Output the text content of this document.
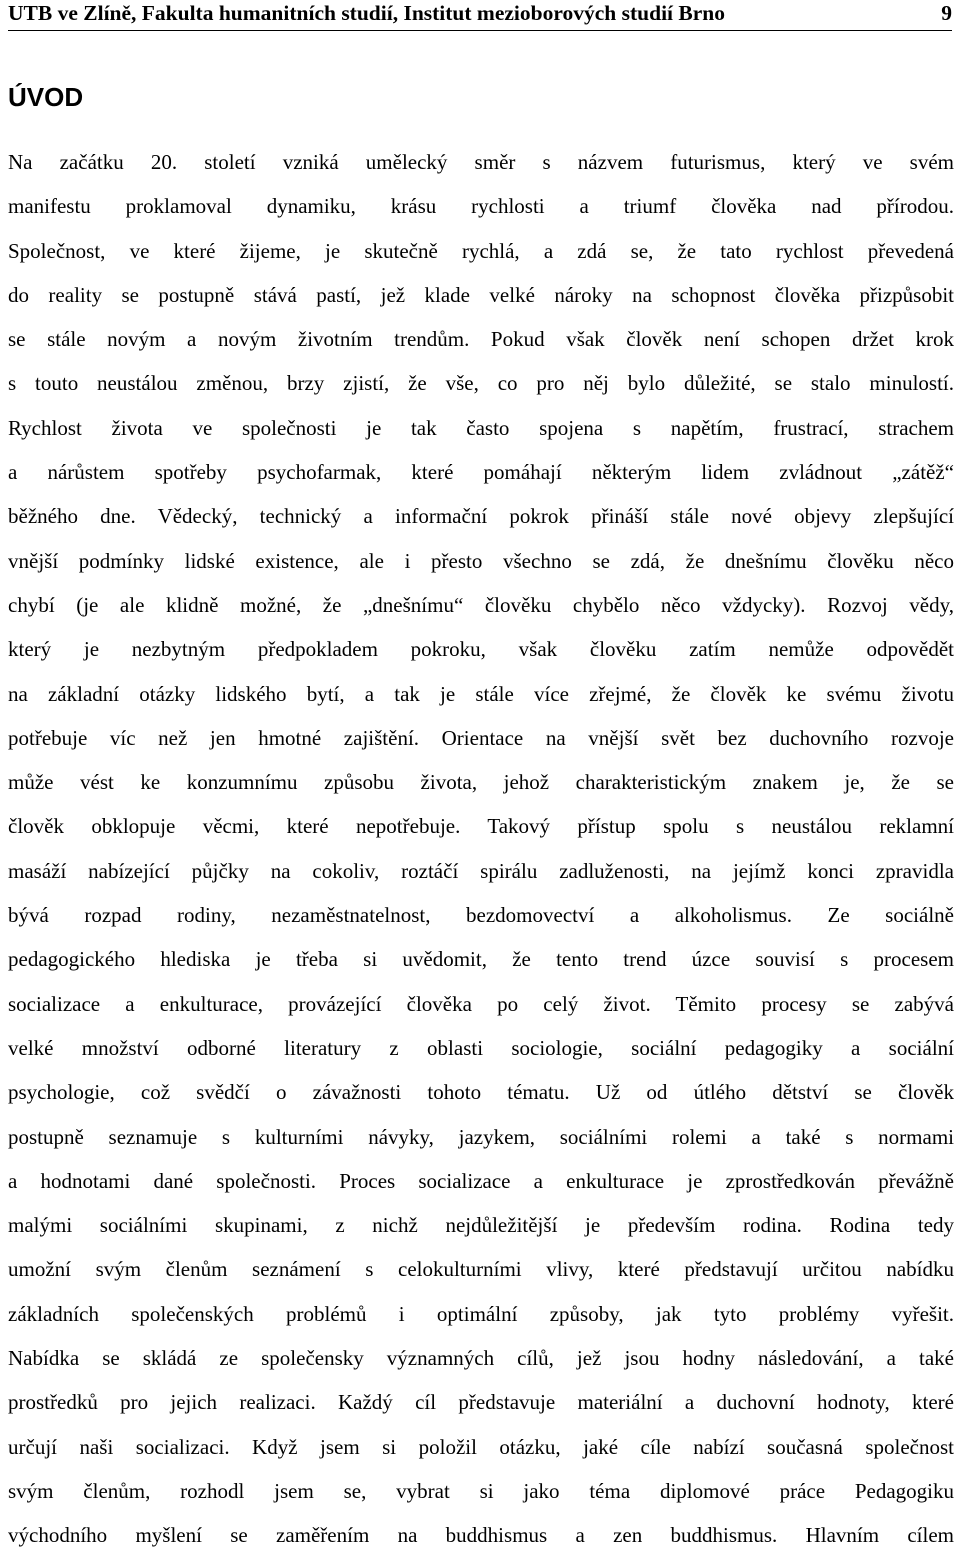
UTB ve Zlíně, Fakulta humanitních studií, Institut mezioborových studií Brno	9
ÚVOD

Na začátku 20. století vzniká umělecký směr s názvem futurismus, který ve svém
manifestu proklamoval dynamiku, krásu rychlosti a triumf člověka nad přírodou.
Společnost, ve které žijeme, je skutečně rychlá, a zdá se, že tato rychlost převedená
do reality se postupně stává pastí, jež klade velké nároky na schopnost člověka přizpůsobit
se stále novým a novým životním trendům. Pokud však člověk není schopen držet krok
s touto neustálou změnou, brzy zjistí, že vše, co pro něj bylo důležité, se stalo minulostí.
Rychlost života ve společnosti je tak často spojena s napětím, frustrací, strachem
a nárůstem spotřeby psychofarmak, které pomáhají některým lidem zvládnout „zátěž“
běžného dne. Vědecký, technický a informační pokrok přináší stále nové objevy zlepšující
vnější podmínky lidské existence, ale i přesto všechno se zdá, že dnešnímu člověku něco
chybí (je ale klidně možné, že „dnešnímu“ člověku chybělo něco vždycky). Rozvoj vědy,
který je nezbytným předpokladem pokroku, však člověku zatím nemůže odpovědět
na základní otázky lidského bytí, a tak je stále více zřejmé, že člověk ke svému životu
potřebuje víc než jen hmotné zajištění. Orientace na vnější svět bez duchovního rozvoje
může vést ke konzumnímu způsobu života, jehož charakteristickým znakem je, že se
člověk obklopuje věcmi, které nepotřebuje. Takový přístup spolu s neustálou reklamní
masáží nabízející půjčky na cokoliv, roztáčí spirálu zadluženosti, na jejímž konci zpravidla
bývá rozpad rodiny, nezaměstnatelnost, bezdomovectví a alkoholismus. Ze sociálně
pedagogického hlediska je třeba si uvědomit, že tento trend úzce souvisí s procesem
socializace a enkulturace, provázející člověka po celý život. Těmito procesy se zabývá
velké množství odborné literatury z oblasti sociologie, sociální pedagogiky a sociální
psychologie, což svědčí o závažnosti tohoto tématu. Už od útlého dětství se člověk
postupně seznamuje s kulturními návyky, jazykem, sociálními rolemi a také s normami
a hodnotami dané společnosti. Proces socializace a enkulturace je zprostředkován převážně
malými sociálními skupinami, z nichž nejdůležitější je především rodina. Rodina tedy
umožní svým členům seznámení s celokulturními vlivy, které představují určitou nabídku
základních společenských problémů i optimální způsoby, jak tyto problémy vyřešit.
Nabídka se skládá ze společensky významných cílů, jež jsou hodny následování, a také
prostředků pro jejich realizaci. Každý cíl představuje materiální a duchovní hodnoty, které
určují naši socializaci. Když jsem si položil otázku, jaké cíle nabízí současná společnost
svým členům, rozhodl jsem se, vybrat si jako téma diplomové práce Pedagogiku
východního myšlení se zaměřením na buddhismus a zen buddhismus. Hlavním cílem
